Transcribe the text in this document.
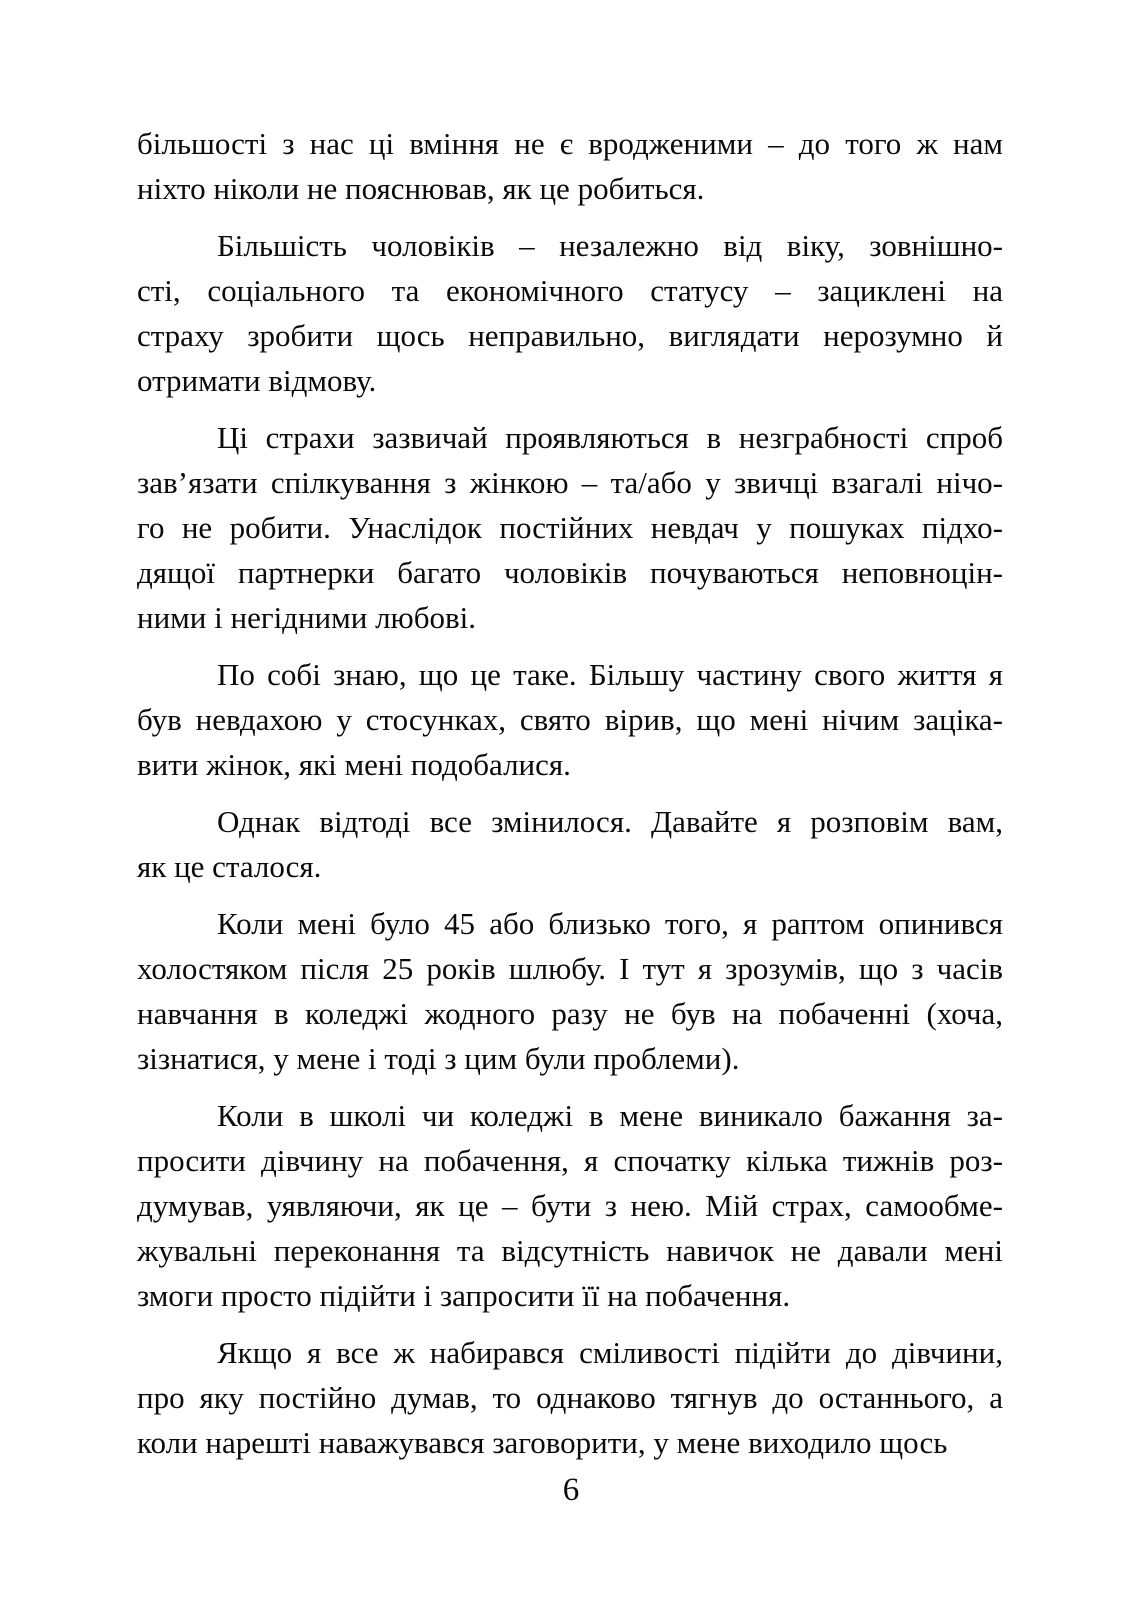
більшості з нас ці вміння не є вродженими – до того ж нам
ніхто ніколи не пояснював, як це робиться.
Більшість чоловіків – незалежно від віку, зовнішно-
сті, соціального та економічного статусу – зациклені на
страху зробити щось неправильно, виглядати нерозумно й
отримати відмову.
Ці страхи зазвичай проявляються в незграбності спроб
зав’язати спілкування з жінкою – та/або у звичці взагалі нічо-
го не робити. Унаслідок постійних невдач у пошуках підхо-
дящої партнерки багато чоловіків почуваються неповноцін-
ними і негідними любові.
По собі знаю, що це таке. Більшу частину свого життя я
був невдахою у стосунках, свято вірив, що мені нічим заціка-
вити жінок, які мені подобалися.
Однак відтоді все змінилося. Давайте я розповім вам,
як це сталося.
Коли мені було 45 або близько того, я раптом опинився
холостяком після 25 років шлюбу. І тут я зрозумів, що з часів
навчання в коледжі жодного разу не був на побаченні (хоча,
зізнатися, у мене і тоді з цим були проблеми).
Коли в школі чи коледжі в мене виникало бажання за-
просити дівчину на побачення, я спочатку кілька тижнів роз-
думував, уявляючи, як це – бути з нею. Мій страх, самообме-
жувальні переконання та відсутність навичок не давали мені
змоги просто підійти і запросити її на побачення.
Якщо я все ж набирався сміливості підійти до дівчини,
про яку постійно думав, то однаково тягнув до останнього, а
коли нарешті наважувався заговорити, у мене виходило щось
6
